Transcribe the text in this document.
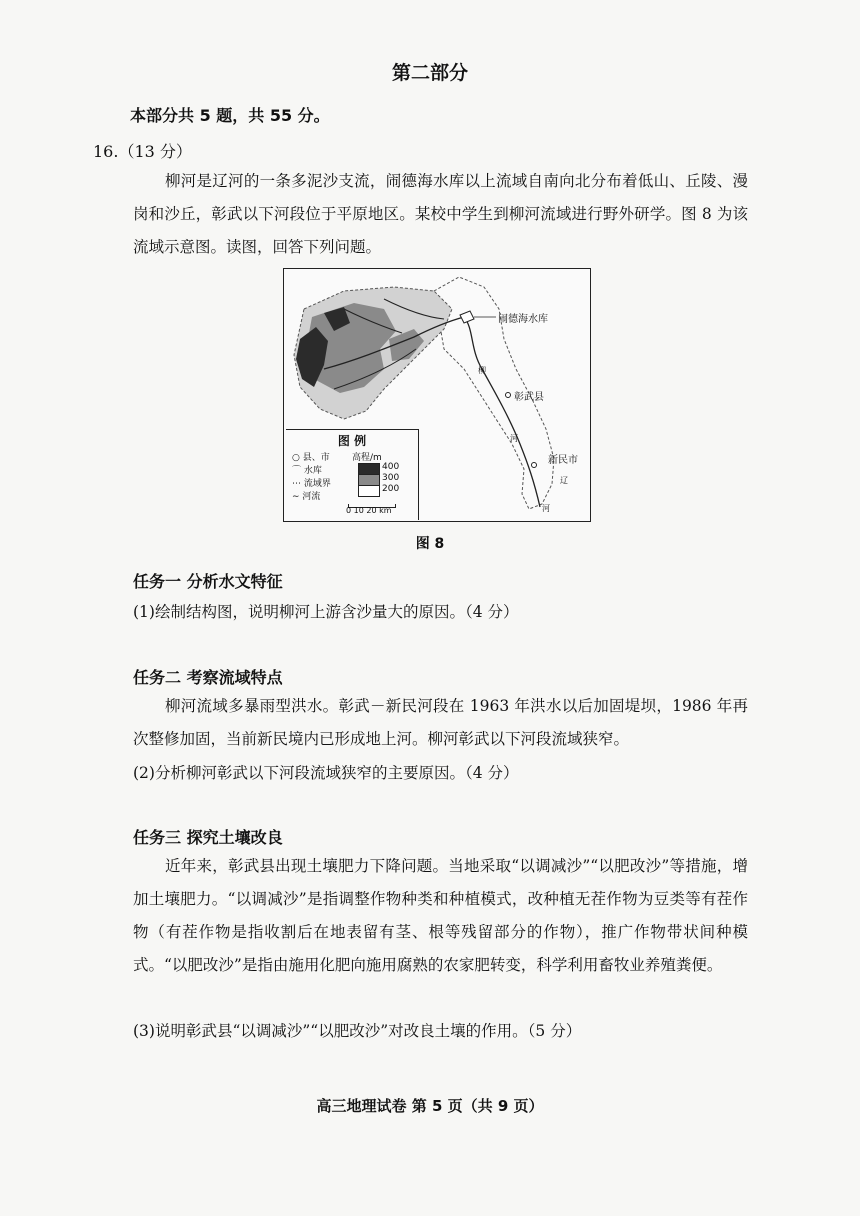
第二部分
本部分共 5 题，共 55 分。
16.（13 分）
柳河是辽河的一条多泥沙支流，闹德海水库以上流域自南向北分布着低山、丘陵、漫岗和沙丘，彰武以下河段位于平原地区。某校中学生到柳河流域进行野外研学。图 8 为该流域示意图。读图，回答下列问题。
闹德海水库
彰武县
新民市
柳
河
辽
河
图 例
○ 县、市 高程/m
⌒ 水库
⋯ 流域界
∼ 河流
400
300
200
0 10 20 km
图 8
任务一 分析水文特征
(1)绘制结构图，说明柳河上游含沙量大的原因。（4 分）
任务二 考察流域特点
柳河流域多暴雨型洪水。彰武－新民河段在 1963 年洪水以后加固堤坝，1986 年再次整修加固，当前新民境内已形成地上河。柳河彰武以下河段流域狭窄。
(2)分析柳河彰武以下河段流域狭窄的主要原因。（4 分）
任务三 探究土壤改良
近年来，彰武县出现土壤肥力下降问题。当地采取“以调减沙”“以肥改沙”等措施，增加土壤肥力。“以调减沙”是指调整作物种类和种植模式，改种植无茬作物为豆类等有茬作物（有茬作物是指收割后在地表留有茎、根等残留部分的作物），推广作物带状间种模式。“以肥改沙”是指由施用化肥向施用腐熟的农家肥转变，科学利用畜牧业养殖粪便。
(3)说明彰武县“以调减沙”“以肥改沙”对改良土壤的作用。（5 分）
高三地理试卷 第 5 页（共 9 页）
